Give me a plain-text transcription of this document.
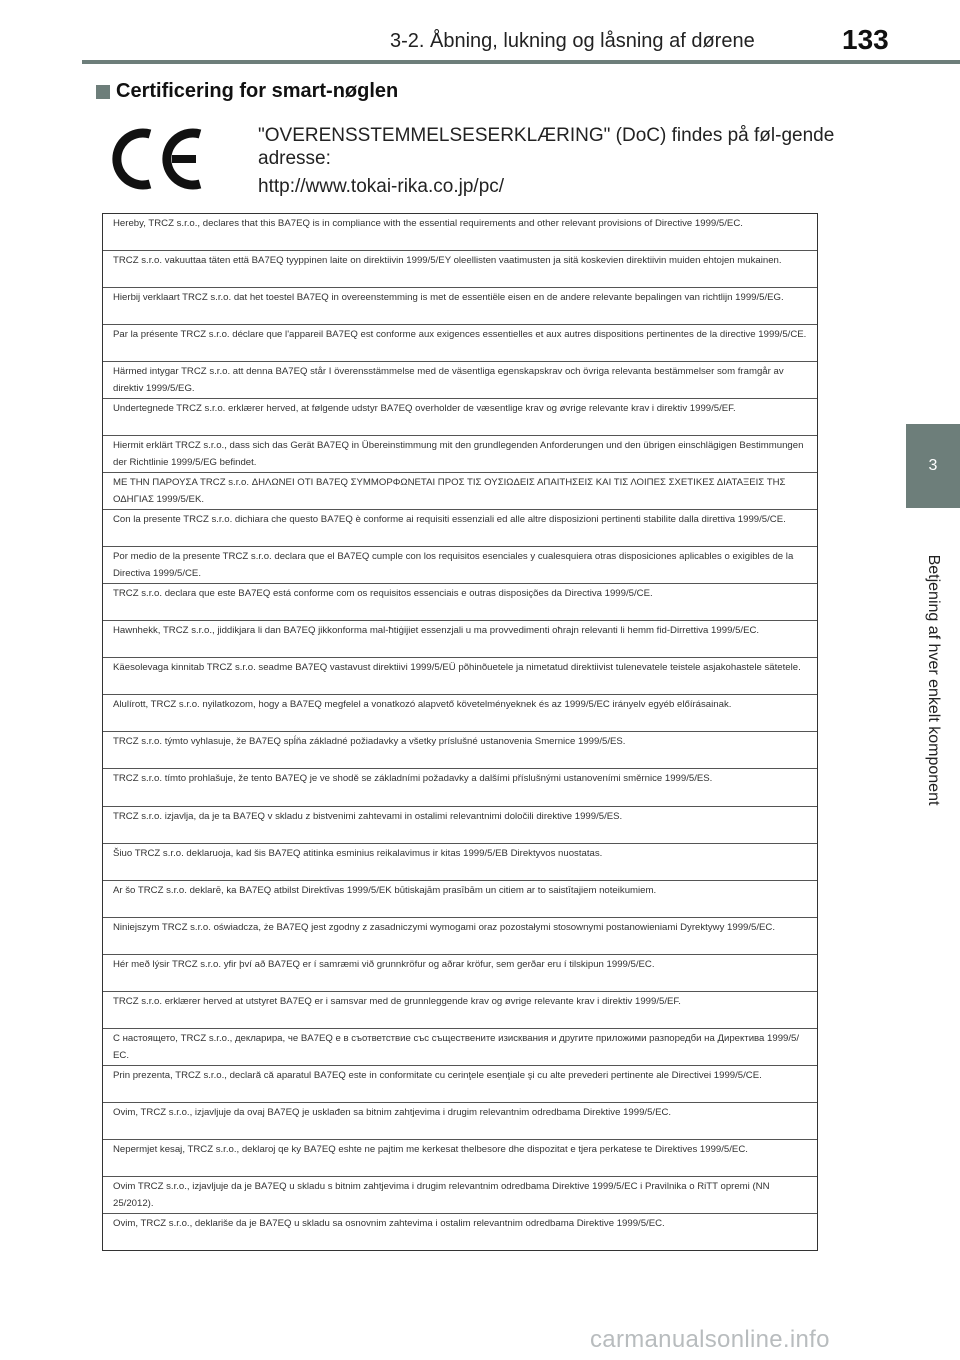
3-2. Åbning, lukning og låsning af dørene	133
3
Betjening af hver enkelt komponent
Certificering for smart-nøglen
"OVERENSSTEMMELSESERKLÆRING" (DoC) findes på føl-gende adresse:
http://www.tokai-rika.co.jp/pc/
Hereby, TRCZ s.r.o., declares that this BA7EQ is in compliance with the essential requirements and other relevant provisions of Directive 1999/5/EC.
TRCZ s.r.o. vakuuttaa täten että BA7EQ tyyppinen laite on direktiivin 1999/5/EY oleellisten vaatimusten ja sitä koskevien direktiivin muiden ehtojen mukainen.
Hierbij verklaart TRCZ s.r.o. dat het toestel BA7EQ in overeenstemming is met de essentiële eisen en de andere relevante bepalingen van richtlijn 1999/5/EG.
Par la présente TRCZ s.r.o. déclare que l'appareil BA7EQ est conforme aux exigences essentielles et aux autres dispositions pertinentes de la directive 1999/5/CE.
Härmed intygar TRCZ s.r.o. att denna BA7EQ står I överensstämmelse med de väsentliga egenskapskrav och övriga relevanta bestämmelser som framgår av direktiv 1999/5/EG.
Undertegnede TRCZ s.r.o. erklærer herved, at følgende udstyr BA7EQ overholder de væsentlige krav og øvrige relevante krav i direktiv 1999/5/EF.
Hiermit erklärt TRCZ s.r.o., dass sich das Gerät BA7EQ in Übereinstimmung mit den grundlegenden Anforderungen und den übrigen einschlägigen Bestimmungen der Richtlinie 1999/5/EG befindet.
ΜΕ ΤΗΝ ΠΑΡΟΥΣΑ TRCZ s.r.o. ΔΗΛΩΝΕΙ ΟΤΙ BA7EQ ΣΥΜΜΟΡΦΩΝΕΤΑΙ ΠΡΟΣ ΤΙΣ ΟΥΣΙΩΔΕΙΣ ΑΠΑΙΤΗΣΕΙΣ ΚΑΙ ΤΙΣ ΛΟΙΠΕΣ ΣΧΕΤΙΚΕΣ ΔΙΑΤΑΞΕΙΣ ΤΗΣ ΟΔΗΓΙΑΣ 1999/5/ΕΚ.
Con la presente TRCZ s.r.o. dichiara che questo BA7EQ è conforme ai requisiti essenziali ed alle altre disposizioni pertinenti stabilite dalla direttiva 1999/5/CE.
Por medio de la presente TRCZ s.r.o. declara que el BA7EQ cumple con los requisitos esenciales y cualesquiera otras disposiciones aplicables o exigibles de la Directiva 1999/5/CE.
TRCZ s.r.o. declara que este BA7EQ está conforme com os requisitos essenciais e outras disposições da Directiva 1999/5/CE.
Hawnhekk, TRCZ s.r.o., jiddikjara li dan BA7EQ jikkonforma mal-ħtiġijiet essenzjali u ma provvedimenti oħrajn relevanti li hemm fid-Dirrettiva 1999/5/EC.
Käesolevaga kinnitab TRCZ s.r.o. seadme BA7EQ vastavust direktiivi 1999/5/EÜ põhinõuetele ja nimetatud direktiivist tulenevatele teistele asjakohastele sätetele.
Alulírott, TRCZ s.r.o. nyilatkozom, hogy a BA7EQ megfelel a vonatkozó alapvető követelményeknek és az 1999/5/EC irányelv egyéb előírásainak.
TRCZ s.r.o. týmto vyhlasuje, že BA7EQ spĺňa základné požiadavky a všetky príslušné ustanovenia Smernice 1999/5/ES.
TRCZ s.r.o. tímto prohlašuje, že tento BA7EQ je ve shodě se základními požadavky a dalšími příslušnými ustanoveními směrnice 1999/5/ES.
TRCZ s.r.o. izjavlja, da je ta BA7EQ v skladu z bistvenimi zahtevami in ostalimi relevantnimi določili direktive 1999/5/ES.
Šiuo TRCZ s.r.o. deklaruoja, kad šis BA7EQ atitinka esminius reikalavimus ir kitas 1999/5/EB Direktyvos nuostatas.
Ar šo TRCZ s.r.o. deklarē, ka BA7EQ atbilst Direktīvas 1999/5/EK būtiskajām prasībām un citiem ar to saistītajiem noteikumiem.
Niniejszym TRCZ s.r.o. oświadcza, że BA7EQ jest zgodny z zasadniczymi wymogami oraz pozostałymi stosownymi postanowieniami Dyrektywy 1999/5/EC.
Hér með lýsir TRCZ s.r.o. yfir því að BA7EQ er í samræmi við grunnkröfur og aðrar kröfur, sem gerðar eru í tilskipun 1999/5/EC.
TRCZ s.r.o. erklærer herved at utstyret BA7EQ er i samsvar med de grunnleggende krav og øvrige relevante krav i direktiv 1999/5/EF.
С настоящето, TRCZ s.r.o., декларира, че BA7EQ е в съответствие със съществените изисквания и другите приложими разпоредби на Директива 1999/5/ЕС.
Prin prezenta, TRCZ s.r.o., declară că aparatul BA7EQ este in conformitate cu cerinţele esenţiale şi cu alte prevederi pertinente ale Directivei 1999/5/CE.
Ovim, TRCZ s.r.o., izjavljuje da ovaj BA7EQ je usklađen sa bitnim zahtjevima i drugim relevantnim odredbama Direktive 1999/5/EC.
Nepermjet kesaj, TRCZ s.r.o., deklaroj qe ky BA7EQ eshte ne pajtim me kerkesat thelbesore dhe dispozitat e tjera perkatese te Direktives 1999/5/EC.
Ovim TRCZ s.r.o., izjavljuje da je BA7EQ u skladu s bitnim zahtjevima i drugim relevantnim odredbama Direktive 1999/5/EC i Pravilnika o RiTT opremi (NN 25/2012).
Ovim, TRCZ s.r.o., deklariše da je BA7EQ u skladu sa osnovnim zahtevima i ostalim relevantnim odredbama Direktive 1999/5/EC.
carmanualsonline.info
